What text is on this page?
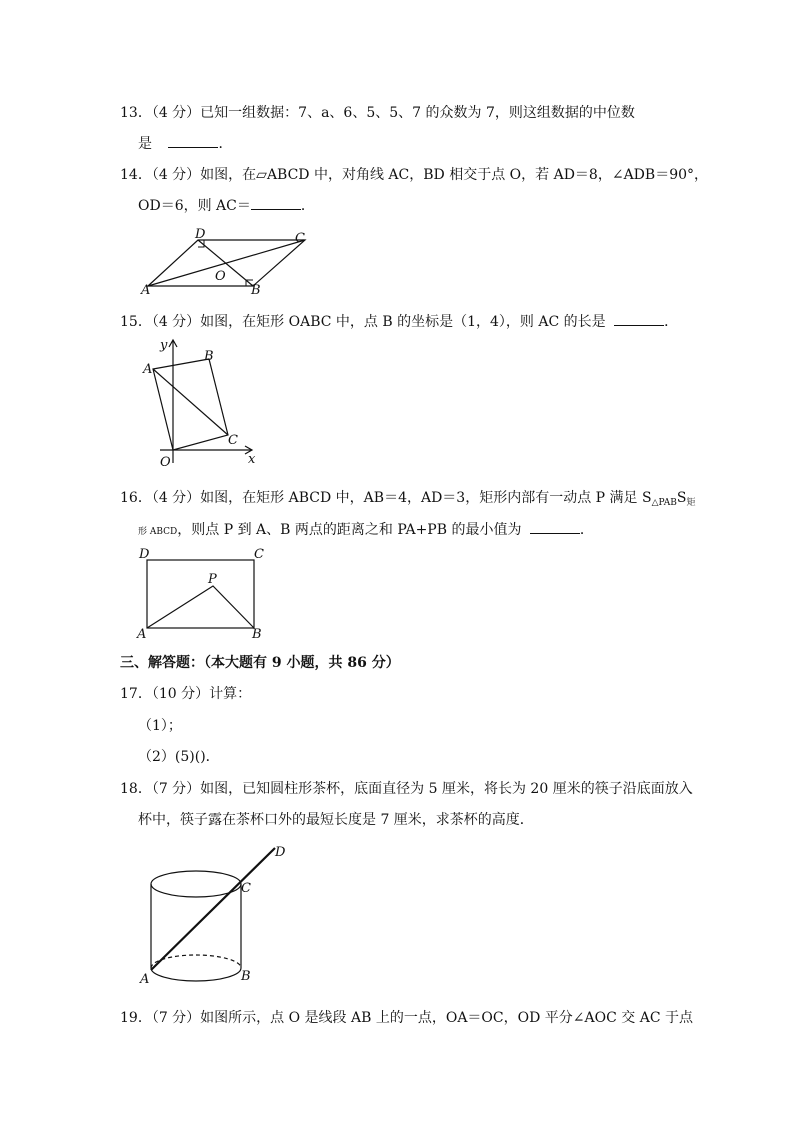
13．（4 分）已知一组数据：7、a、6、5、5、7 的众数为 7，则这组数据的中位数
是	．
14．（4 分）如图，在▱ABCD 中，对角线 AC，BD 相交于点 O，若 AD＝8，∠ADB＝90°，
OD＝6，则 AC＝	．
D	C
O
A	B
15．（4 分）如图，在矩形 OABC 中，点 B 的坐标是（1，4），则 AC 的长是	．
y
x
A
B
C
O
16．（4 分）如图，在矩形 ABCD 中，AB＝4，AD＝3，矩形内部有一动点 P 满足 $S_{\triangle PAB}S_矩$
形 ABCD，则点 P 到 A、B 两点的距离之和 PA+PB 的最小值为	．
D	C
P
A	B
三、解答题：（本大题有 9 小题，共 86 分）
17．（10 分）计算：
（1）；
（2）(5)()．
18．（7 分）如图，已知圆柱形茶杯，底面直径为 5 厘米，将长为 20 厘米的筷子沿底面放入
杯中，筷子露在茶杯口外的最短长度是 7 厘米，求茶杯的高度．
D
C
A	B
19．（7 分）如图所示，点 O 是线段 AB 上的一点，OA＝OC，OD 平分∠AOC 交 AC 于点
